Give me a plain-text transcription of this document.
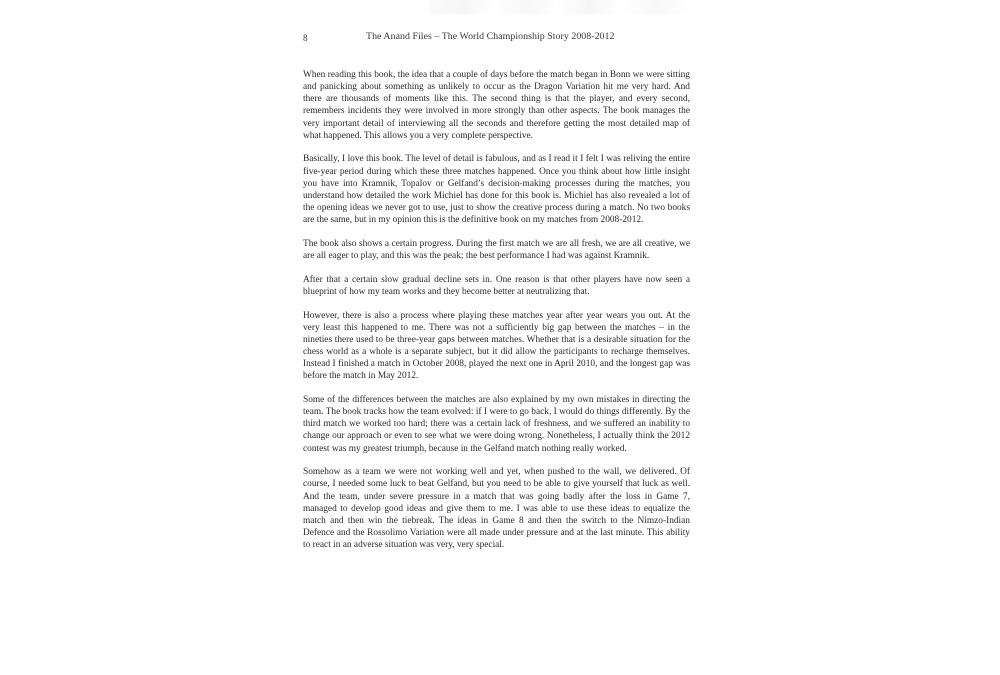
8	The Anand Files – The World Championship Story 2008-2012

When reading this book, the idea that a couple of days before the match began in Bonn we were sitting and panicking about something as unlikely to occur as the Dragon Variation hit me very hard. And there are thousands of moments like this. The second thing is that the player, and every second, remembers incidents they were involved in more strongly than other aspects. The book manages the very important detail of interviewing all the seconds and therefore getting the most detailed map of what happened. This allows you a very complete perspective.

Basically, I love this book. The level of detail is fabulous, and as I read it I felt I was reliving the entire five-year period during which these three matches happened. Once you think about how little insight you have into Kramnik, Topalov or Gelfand’s decision-making processes during the matches, you understand how detailed the work Michiel has done for this book is. Michiel has also revealed a lot of the opening ideas we never got to use, just to show the creative process during a match. No two books are the same, but in my opinion this is the definitive book on my matches from 2008-2012.

The book also shows a certain progress. During the first match we are all fresh, we are all creative, we are all eager to play, and this was the peak; the best performance I had was against Kramnik.

After that a certain slow gradual decline sets in. One reason is that other players have now seen a blueprint of how my team works and they become better at neutralizing that.

However, there is also a process where playing these matches year after year wears you out. At the very least this happened to me. There was not a sufficiently big gap between the matches – in the nineties there used to be three-year gaps between matches. Whether that is a desirable situation for the chess world as a whole is a separate subject, but it did allow the participants to recharge themselves. Instead I finished a match in October 2008, played the next one in April 2010, and the longest gap was before the match in May 2012.

Some of the differences between the matches are also explained by my own mistakes in directing the team. The book tracks how the team evolved: if I were to go back, I would do things differently. By the third match we worked too hard; there was a certain lack of freshness, and we suffered an inability to change our approach or even to see what we were doing wrong. Nonetheless, I actually think the 2012 contest was my greatest triumph, because in the Gelfand match nothing really worked.

Somehow as a team we were not working well and yet, when pushed to the wall, we delivered. Of course, I needed some luck to beat Gelfand, but you need to be able to give yourself that luck as well. And the team, under severe pressure in a match that was going badly after the loss in Game 7, managed to develop good ideas and give them to me. I was able to use these ideas to equalize the match and then win the tiebreak. The ideas in Game 8 and then the switch to the Nimzo-Indian Defence and the Rossolimo Variation were all made under pressure and at the last minute. This ability to react in an adverse situation was very, very special.
